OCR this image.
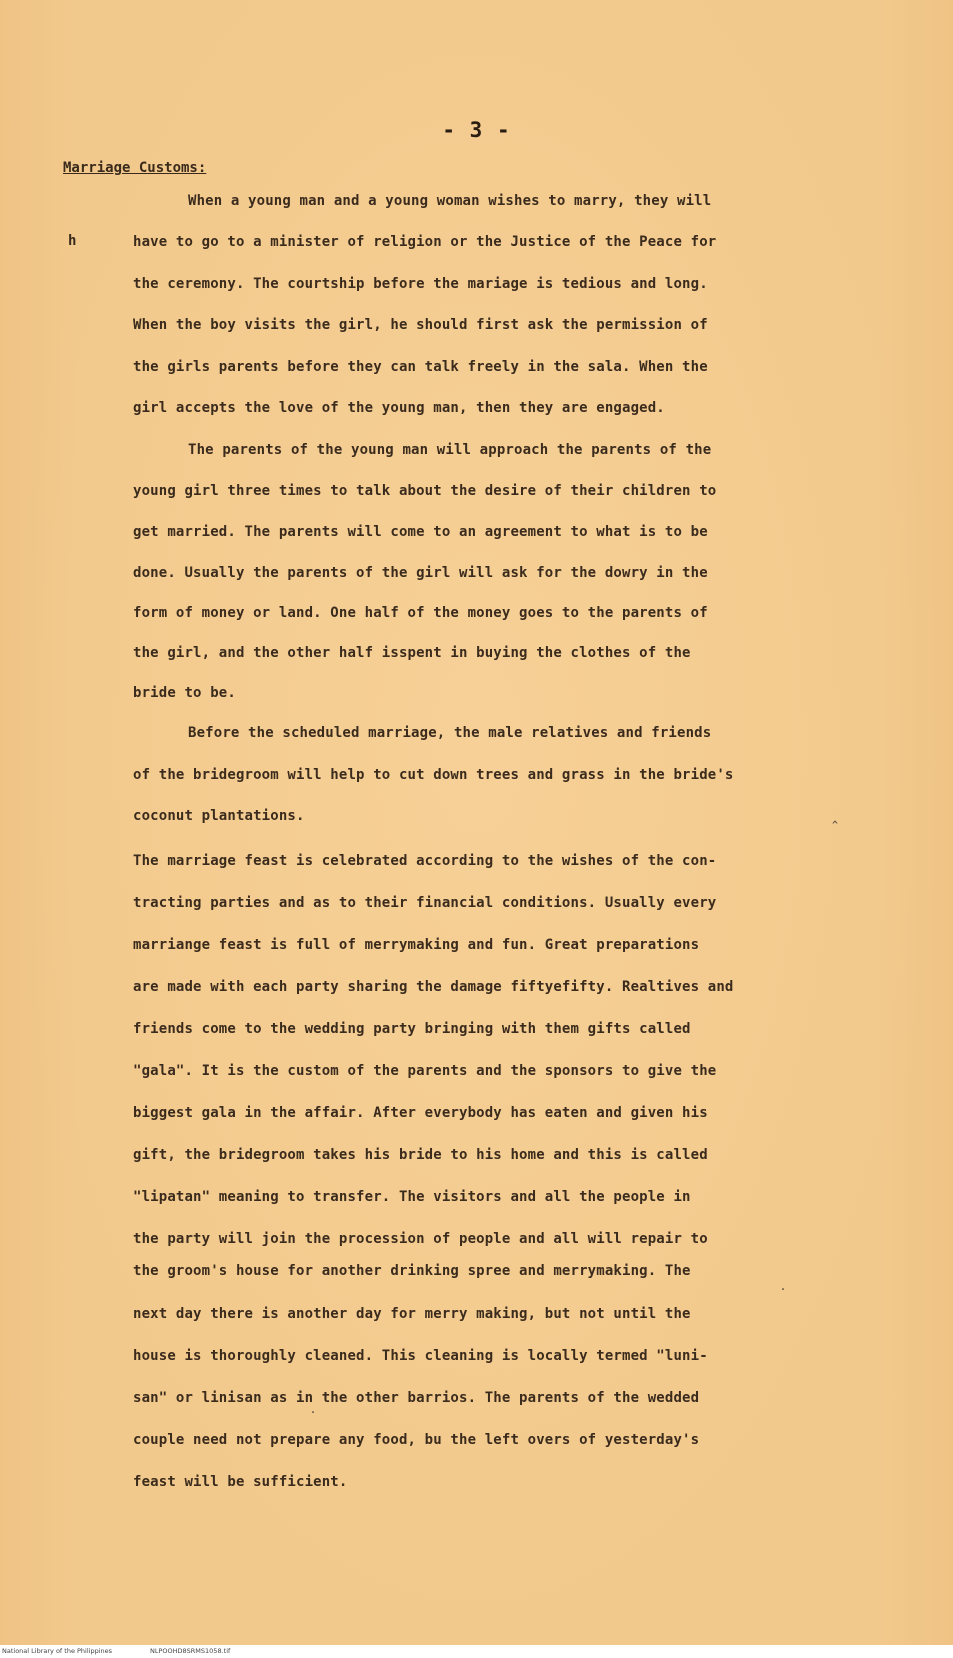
- 3 -
Marriage Customs:
h
When a young man and a young woman wishes to marry, they will
have to go to a minister of religion or the Justice of the Peace for
the ceremony. The courtship before the mariage is tedious and long.
When the boy visits the girl, he should first ask the permission of
the girls parents before they can talk freely in the sala. When the
girl accepts the love of the young man, then they are engaged.
The parents of the young man will approach the parents of the
young girl three times to talk about the desire of their children to
get married. The parents will come to an agreement to what is to be
done. Usually the parents of the girl will ask for the dowry in the
form of money or land. One half of the money goes to the parents of
the girl, and the other half isspent in buying the clothes of the
bride to be.
Before the scheduled marriage, the male relatives and friends
of the bridegroom will help to cut down trees and grass in the bride's
coconut plantations.
The marriage feast is celebrated according to the wishes of the con-
tracting parties and as to their financial conditions. Usually every
marriange feast is full of merrymaking and fun. Great preparations
are made with each party sharing the damage fiftyefifty. Realtives and
friends come to the wedding party bringing with them gifts called
"gala". It is the custom of the parents and the sponsors to give the
biggest gala in the affair. After everybody has eaten and given his
gift, the bridegroom takes his bride to his home and this is called
"lipatan" meaning to transfer. The visitors and all the people in
the party will join the procession of people and all will repair to
the groom's house for another drinking spree and merrymaking. The
next day there is another day for merry making, but not until the
house is thoroughly cleaned. This cleaning is locally termed "luni-
san" or linisan as in the other barrios. The parents of the wedded
couple need not prepare any food, bu the left overs of yesterday's
feast will be sufficient.
^
.
.
National Library of the Philippines	NLPOOHD8SRMS1058.tif
